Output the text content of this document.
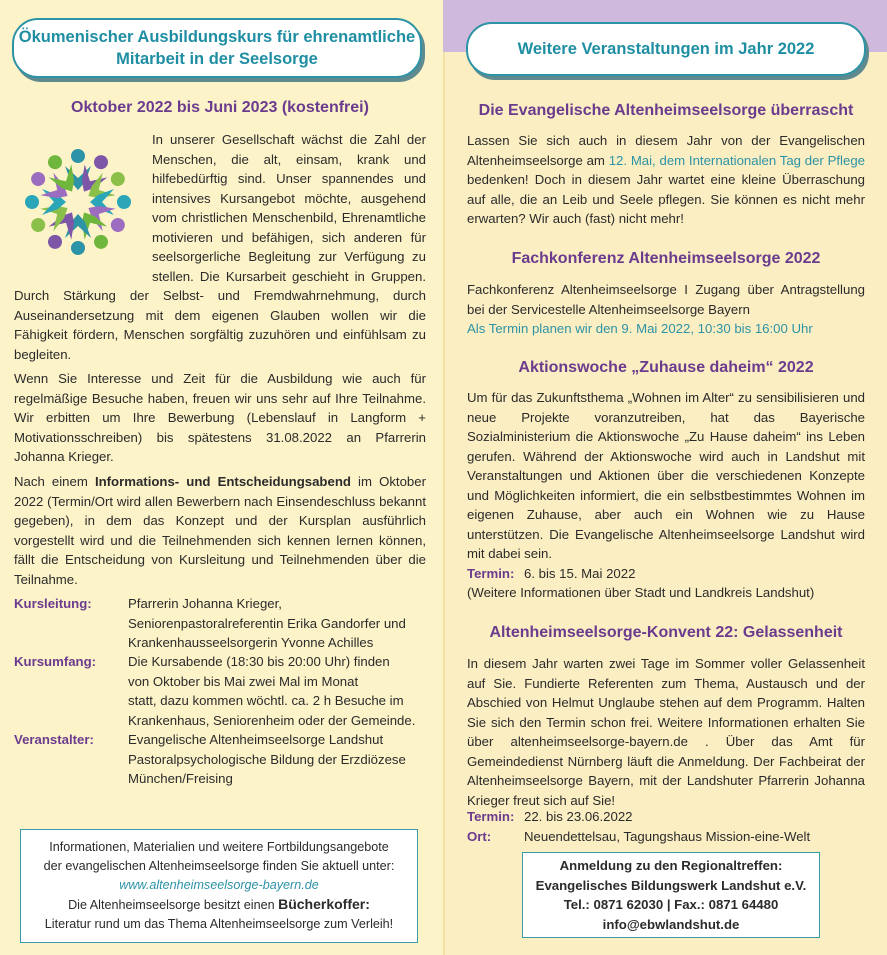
Ökumenischer Ausbildungskurs für ehrenamtliche Mitarbeit in der Seelsorge
Oktober 2022 bis Juni 2023 (kostenfrei)
In unserer Gesellschaft wächst die Zahl der Menschen, die alt, einsam, krank und hilfebedürftig sind. Unser spannendes und intensives Kursangebot möchte, ausgehend vom christlichen Menschenbild, Ehrenamtliche motivieren und befähigen, sich anderen für seelsorgerliche Begleitung zur Verfügung zu stellen. Die Kursarbeit geschieht in Gruppen. Durch Stärkung der Selbst- und Fremdwahrnehmung, durch Auseinandersetzung mit dem eigenen Glauben wollen wir die Fähigkeit fördern, Menschen sorgfältig zuzuhören und einfühlsam zu begleiten.
Wenn Sie Interesse und Zeit für die Ausbildung wie auch für regelmäßige Besuche haben, freuen wir uns sehr auf Ihre Teilnahme. Wir erbitten um Ihre Bewerbung (Lebenslauf in Langform + Motivationsschreiben) bis spätestens 31.08.2022 an Pfarrerin Johanna Krieger.
Nach einem Informations- und Entscheidungsabend im Oktober 2022 (Termin/Ort wird allen Bewerbern nach Einsendeschluss bekannt gegeben), in dem das Konzept und der Kursplan ausführlich vorgestellt wird und die Teilnehmenden sich kennen lernen können, fällt die Entscheidung von Kursleitung und Teilnehmenden über die Teilnahme.
Kursleitung:	Pfarrerin Johanna Krieger,
Seniorenpastoralreferentin Erika Gandorfer und
Krankenhausseelsorgerin Yvonne Achilles
Kursumfang:	Die Kursabende (18:30 bis 20:00 Uhr) finden
von Oktober bis Mai zwei Mal im Monat
statt, dazu kommen wöchtl. ca. 2 h Besuche im
Krankenhaus, Seniorenheim oder der Gemeinde.
Veranstalter:	Evangelische Altenheimseelsorge Landshut
Pastoralpsychologische Bildung der Erzdiözese
München/Freising

Informationen, Materialien und weitere Fortbildungsangebote

der evangelischen Altenheimseelsorge finden Sie aktuell unter:

www.altenheimseelsorge-bayern.de

Die Altenheimseelsorge besitzt einen Bücherkoffer:

Literatur rund um das Thema Altenheimseelsorge zum Verleih!

Weitere Veranstaltungen im Jahr 2022
Die Evangelische Altenheimseelsorge überrascht
Lassen Sie sich auch in diesem Jahr von der Evangelischen Altenheimseelsorge am 12. Mai, dem Internationalen Tag der Pflege bedenken! Doch in diesem Jahr wartet eine kleine Überraschung auf alle, die an Leib und Seele pflegen. Sie können es nicht mehr erwarten? Wir auch (fast) nicht mehr!
Fachkonferenz Altenheimseelsorge 2022
Fachkonferenz Altenheimseelsorge I Zugang über Antragstellung bei der Servicestelle Altenheimseelsorge Bayern
Als Termin planen wir den 9. Mai 2022, 10:30 bis 16:00 Uhr
Aktionswoche „Zuhause daheim“ 2022
Um für das Zukunftsthema „Wohnen im Alter“ zu sensibilisieren und neue Projekte voranzutreiben, hat das Bayerische Sozialministerium die Aktionswoche „Zu Hause daheim“ ins Leben gerufen. Während der Aktionswoche wird auch in Landshut mit Veranstaltungen und Aktionen über die verschiedenen Konzepte und Möglichkeiten informiert, die ein selbstbestimmtes Wohnen im eigenen Zuhause, aber auch ein Wohnen wie zu Hause unterstützen. Die Evangelische Altenheimseelsorge Landshut wird mit dabei sein.
Termin: 6. bis 15. Mai 2022
(Weitere Informationen über Stadt und Landkreis Landshut)
Altenheimseelsorge-Konvent 22: Gelassenheit
In diesem Jahr warten zwei Tage im Sommer voller Gelassenheit auf Sie. Fundierte Referenten zum Thema, Austausch und der Abschied von Helmut Unglaube stehen auf dem Programm. Halten Sie sich den Termin schon frei. Weitere Informationen erhalten Sie über altenheimseelsorge-bayern.de . Über das Amt für Gemeindedienst Nürnberg läuft die Anmeldung. Der Fachbeirat der Altenheimseelsorge Bayern, mit der Landshuter Pfarrerin Johanna Krieger freut sich auf Sie!
Termin: 22. bis 23.06.2022
Ort: Neuendettelsau, Tagungshaus Mission-eine-Welt

Anmeldung zu den Regionaltreffen:

Evangelisches Bildungswerk Landshut e.V.

Tel.: 0871 62030 | Fax.: 0871 64480

info@ebwlandshut.de
